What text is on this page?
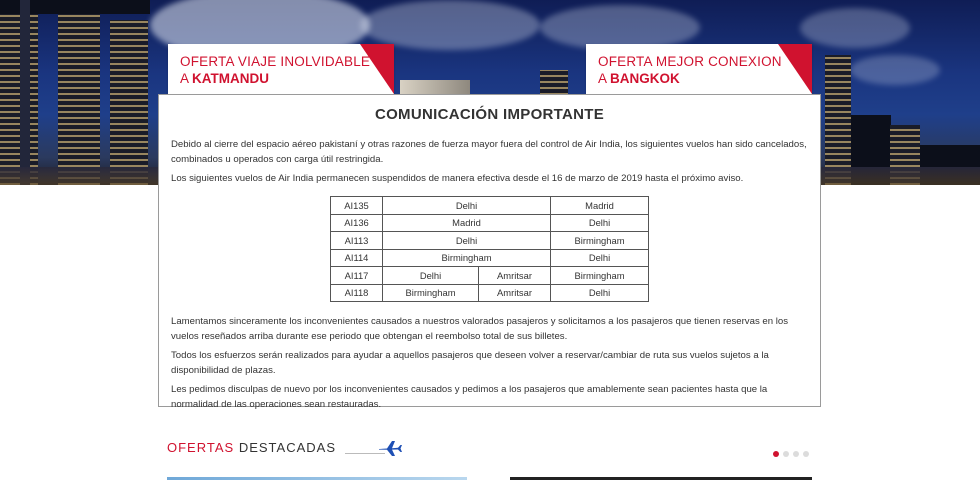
OFERTA VIAJE INOLVIDABLE
A KATMANDU
OFERTA MEJOR CONEXION
A BANGKOK
COMUNICACIÓN IMPORTANTE

Debido al cierre del espacio aéreo pakistaní y otras razones de fuerza mayor fuera del control de Air India, los siguientes vuelos han sido cancelados, combinados u operados con carga útil restringida.

Los siguientes vuelos de Air India permanecen suspendidos de manera efectiva desde el 16 de marzo de 2019 hasta el próximo aviso.

AI135	Delhi		Madrid
AI136	Madrid		Delhi
AI113	Delhi		Birmingham
AI114	Birmingham		Delhi
AI117	Delhi	Amritsar	Birmingham
AI118	Birmingham	Amritsar	Delhi

Lamentamos sinceramente los inconvenientes causados a nuestros valorados pasajeros y solicitamos a los pasajeros que tienen reservas en los vuelos reseñados arriba durante ese periodo que obtengan el reembolso total de sus billetes.

Todos los esfuerzos serán realizados para ayudar a aquellos pasajeros que deseen volver a reservar/cambiar de ruta sus vuelos sujetos a la disponibilidad de plazas.

Les pedimos disculpas de nuevo por los inconvenientes causados y pedimos a los pasajeros que amablemente sean pacientes hasta que la normalidad de las operaciones sean restauradas.

OFERTAS DESTACADAS
